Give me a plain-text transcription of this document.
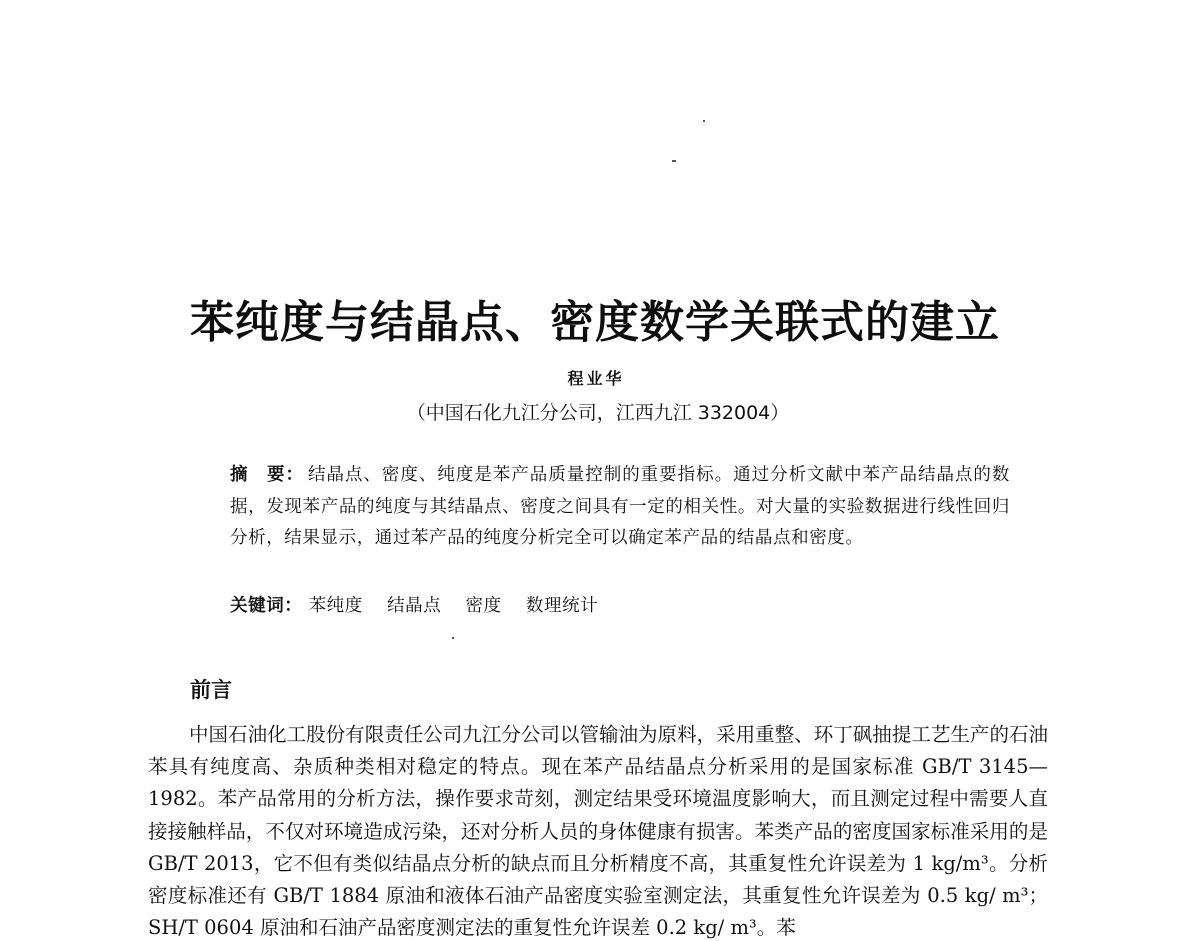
苯纯度与结晶点、密度数学关联式的建立
程业华
（中国石化九江分公司，江西九江 332004）
摘　要： 结晶点、密度、纯度是苯产品质量控制的重要指标。通过分析文献中苯产品结晶点的数据，发现苯产品的纯度与其结晶点、密度之间具有一定的相关性。对大量的实验数据进行线性回归分析，结果显示，通过苯产品的纯度分析完全可以确定苯产品的结晶点和密度。
关键词： 苯纯度 结晶点 密度 数理统计
前言

中国石油化工股份有限责任公司九江分公司以管输油为原料，采用重整、环丁砜抽提工艺生产的石油苯具有纯度高、杂质种类相对稳定的特点。现在苯产品结晶点分析采用的是国家标准 GB/T 3145—1982。苯产品常用的分析方法，操作要求苛刻，测定结果受环境温度影响大，而且测定过程中需要人直接接触样品，不仅对环境造成污染，还对分析人员的身体健康有损害。苯类产品的密度国家标准采用的是 GB/T 2013，它不但有类似结晶点分析的缺点而且分析精度不高，其重复性允许误差为 1 kg/m³。分析密度标准还有 GB/T 1884 原油和液体石油产品密度实验室测定法，其重复性允许误差为 0.5 kg/ m³；SH/T 0604 原油和石油产品密度测定法的重复性允许误差 0.2 kg/ m³。苯
